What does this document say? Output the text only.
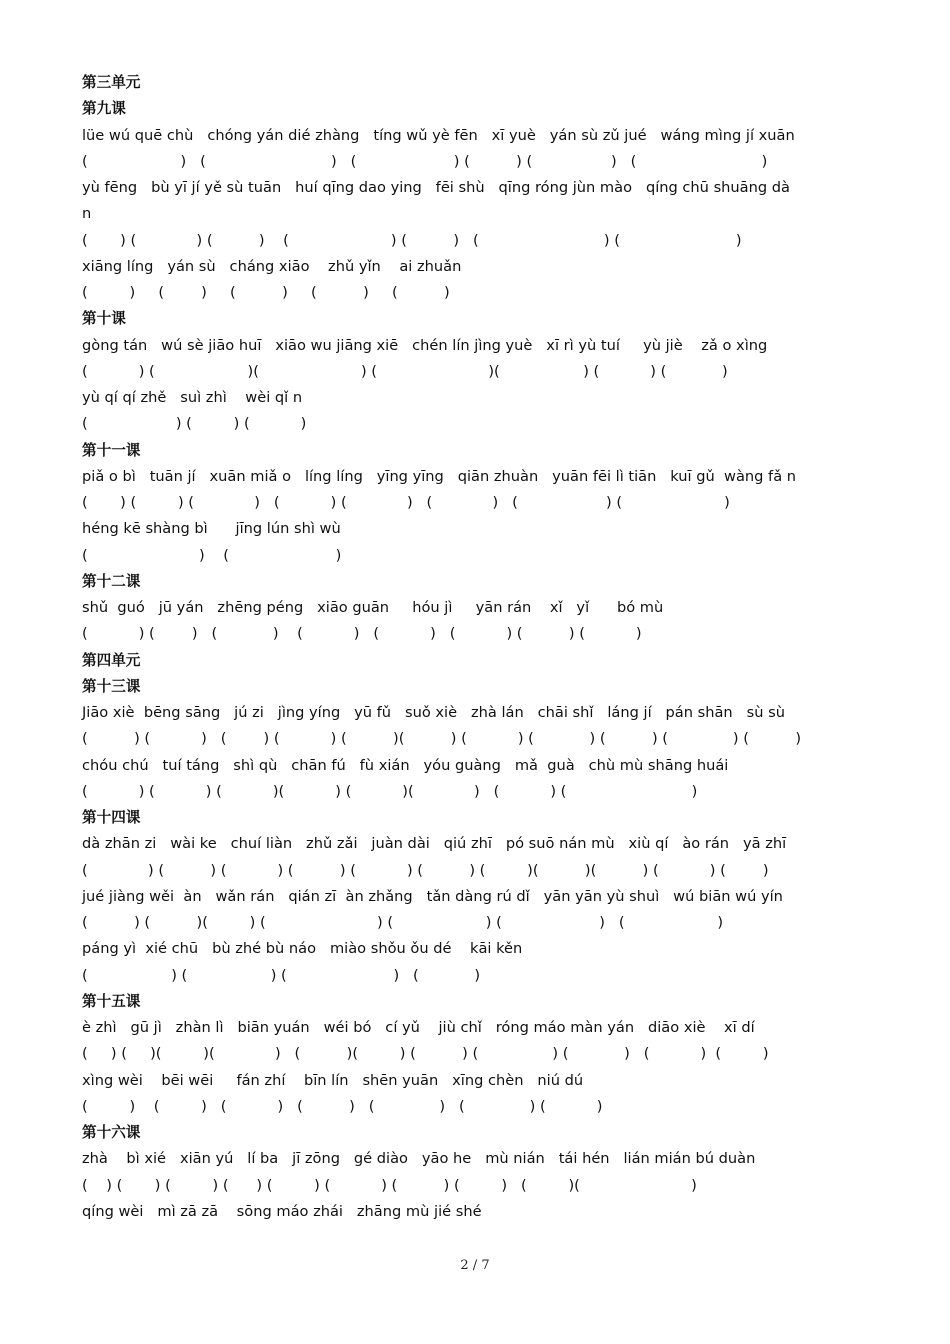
第三单元
第九课
lüe wú quē chù   chóng yán dié zhàng   tíng wǔ yè fēn   xī yuè   yán sù zǔ jué   wáng mìng jí xuān
(                    )   (                           )   (                     ) (          ) (                 )   (                           )
yù fēng   bù yī jí yě sù tuān   huí qīng dao ying   fēi shù   qīng róng jùn mào   qíng chū shuāng dà
n
(       ) (             ) (          )    (                      ) (          )   (                           ) (                         )
xiāng líng   yán sù   cháng xiāo    zhǔ yǐn    ai zhuǎn
(         )     (        )     (          )     (          )     (          )
第十课
gòng tán   wú sè jiāo huī   xiāo wu jiāng xiē   chén lín jìng yuè   xī rì yù tuí     yù jiè    zǎ o xìng
(           ) (                    )(                      ) (                        )(                  ) (           ) (            )
yù qí qí zhě   suì zhì    wèi qǐ n
(                   ) (         ) (           )
第十一课
piǎ o bì   tuān jí   xuān miǎ o   líng líng   yīng yīng   qiān zhuàn   yuān fēi lì tiān   kuī gǔ  wàng fǎ n
(       ) (         ) (             )   (           ) (             )   (             )   (                   ) (                      )
héng kē shàng bì      jīng lún shì wù
(                        )    (                       )
第十二课
shǔ  guó   jū yán   zhēng péng   xiāo guān     hóu jì     yān rán    xǐ   yǐ      bó mù
(           ) (        )   (            )    (           )   (           )   (           ) (          ) (           )
第四单元
第十三课
Jiāo xiè  bēng sāng   jú zi   jìng yíng   yū fǔ   suǒ xiè   zhà lán   chāi shǐ   láng jí   pán shān   sù sù
(          ) (           )   (        ) (           ) (          )(          ) (           ) (            ) (          ) (              ) (          )
chóu chú   tuí táng   shì qù   chān fú   fù xián   yóu guàng   mǎ  guà   chù mù shāng huái
(           ) (           ) (           )(           ) (           )(             )   (           ) (                           )
第十四课
dà zhān zi   wài ke   chuí liàn   zhǔ zǎi   juàn dài   qiú zhī   pó suō nán mù   xiù qí   ào rán   yā zhī
(             ) (          ) (           ) (          ) (           ) (          ) (         )(          )(          ) (           ) (        )
jué jiàng wěi  àn   wǎn rán   qián zī  àn zhǎng   tǎn dàng rú dǐ   yān yān yù shuì   wú biān wú yín
(          ) (          )(         ) (                        ) (                    ) (                     )   (                    )
páng yì  xié chū   bù zhé bù náo   miào shǒu ǒu dé    kāi kěn
(                  ) (                  ) (                       )   (            )
第十五课
è zhì   gū jì   zhàn lì   biān yuán   wéi bó   cí yǔ    jiù chǐ   róng máo màn yán   diāo xiè    xī dí
(     ) (     )(         )(             )   (          )(         ) (          ) (                ) (            )   (           )  (         )
xìng wèi    bēi wēi     fán zhí    bīn lín   shēn yuān   xīng chèn   niú dú
(         )    (         )   (           )   (          )   (              )   (              ) (           )
第十六课
zhà    bì xié   xiān yú   lí ba   jī zōng   gé diào   yāo he   mù nián   tái hén   lián mián bú duàn
(    ) (       ) (         ) (      ) (         ) (           ) (          ) (         )   (         )(                        )
qíng wèi   mì zā zā    sōng máo zhái   zhāng mù jié shé
2 / 7
